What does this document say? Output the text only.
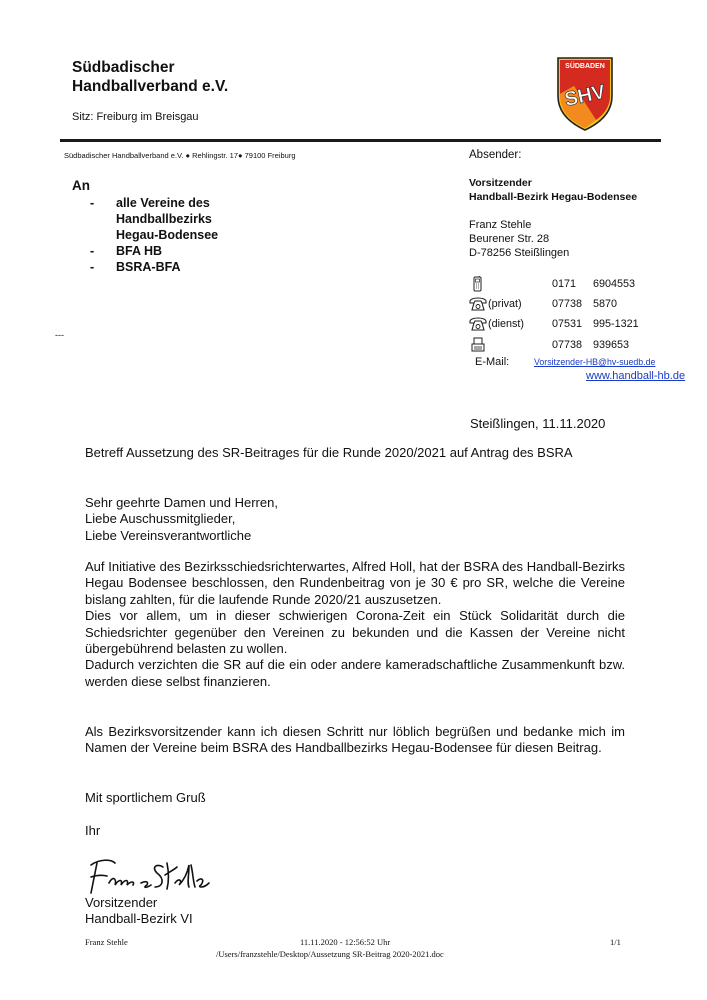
Südbadischer
Handballverband e.V.
Sitz: Freiburg im Breisgau
SÜDBADEN
SHV
Südbadischer Handballverband e.V. ● Rehlingstr. 17● 79100 Freiburg	Absender:
An
-	alle Vereine des
Handballbezirks
Hegau-Bodensee
-	BFA HB
-	BSRA-BFA
---
Vorsitzender
Handball-Bezirk Hegau-Bodensee
Franz Stehle
Beurener Str. 28
D-78256 Steißlingen
0171 6904553
(privat)	07738 5870
(dienst)	07531 995-1321
07738 939653
E-Mail:	Vorsitzender-HB@hv-suedb.de
www.handball-hb.de
Steißlingen, 11.11.2020
Betreff Aussetzung des SR-Beitrages für die Runde 2020/2021 auf Antrag des BSRA
Sehr geehrte Damen und Herren,
Liebe Auschussmitglieder,
Liebe Vereinsverantwortliche
Auf Initiative des Bezirksschiedsrichterwartes, Alfred Holl, hat der BSRA des Handball-Bezirks Hegau Bodensee beschlossen, den Rundenbeitrag von je 30 € pro SR, welche die Vereine bislang zahlten, für die laufende Runde 2020/21 auszusetzen.
Dies vor allem, um in dieser schwierigen Corona-Zeit ein Stück Solidarität durch die Schiedsrichter gegenüber den Vereinen zu bekunden und die Kassen der Vereine nicht übergebührend belasten zu wollen.
Dadurch verzichten die SR auf die ein oder andere kameradschaftliche Zusammenkunft bzw. werden diese selbst finanzieren.
Als Bezirksvorsitzender kann ich diesen Schritt nur löblich begrüßen und bedanke mich im Namen der Vereine beim BSRA des Handballbezirks Hegau-Bodensee für diesen Beitrag.
Mit sportlichem Gruß
Ihr
Vorsitzender
Handball-Bezirk VI
Franz Stehle	11.11.2020 - 12:56:52 Uhr	1/1
/Users/franzstehle/Desktop/Aussetzung SR-Beitrag 2020-2021.doc
